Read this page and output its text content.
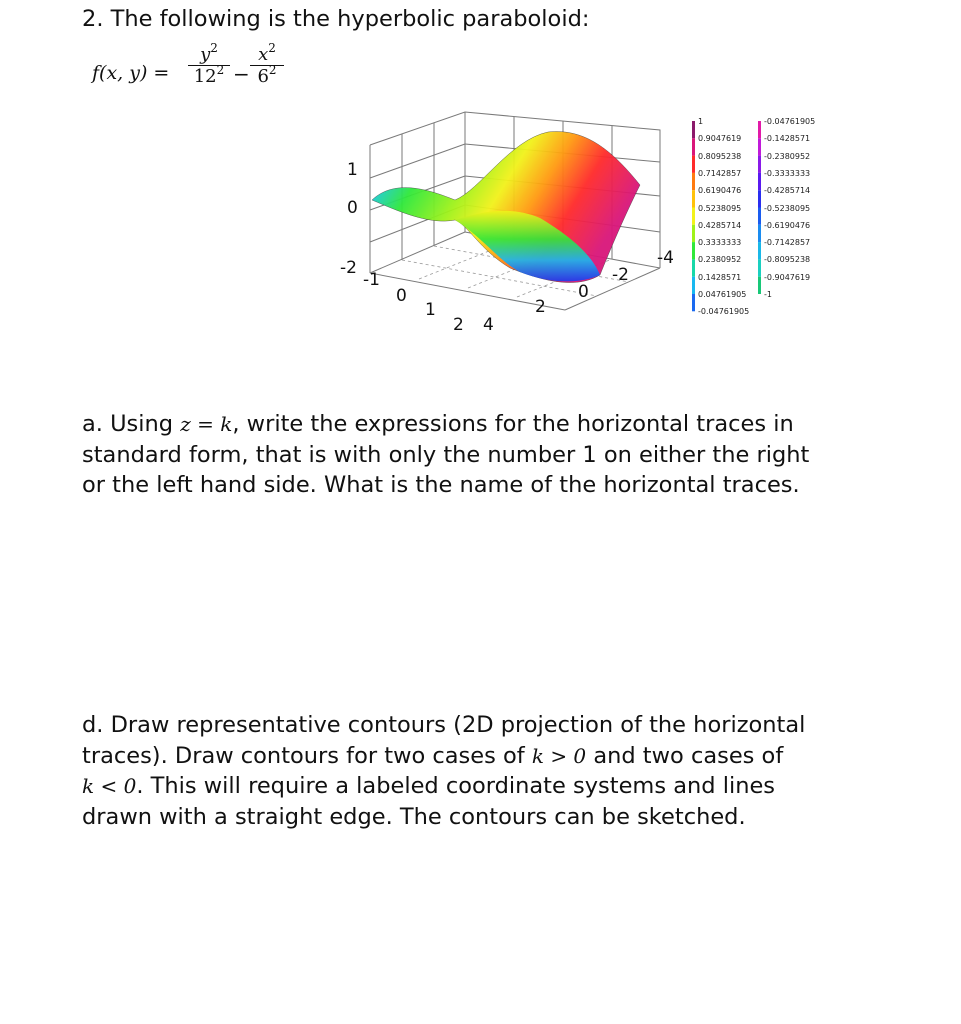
2. The following is the hyperbolic paraboloid:
f(x, y) =
$y^2$
$12^2$ −
$x^2$
$6^2$
1
0
-2
-1
0
1
2 4
-4
-2
0
2
1
0.9047619
0.8095238
0.7142857
0.6190476
0.5238095
0.4285714
0.3333333
0.2380952
0.1428571
0.04761905
-0.04761905
-0.04761905
-0.1428571
-0.2380952
-0.3333333
-0.4285714
-0.5238095
-0.6190476
-0.7142857
-0.8095238
-0.9047619
-1
a. Using z = k, write the expressions for the horizontal traces in
standard form, that is with only the number 1 on either the right
or the left hand side. What is the name of the horizontal traces.
d. Draw representative contours (2D projection of the horizontal
traces). Draw contours for two cases of k > 0 and two cases of
k < 0. This will require a labeled coordinate systems and lines
drawn with a straight edge. The contours can be sketched.
